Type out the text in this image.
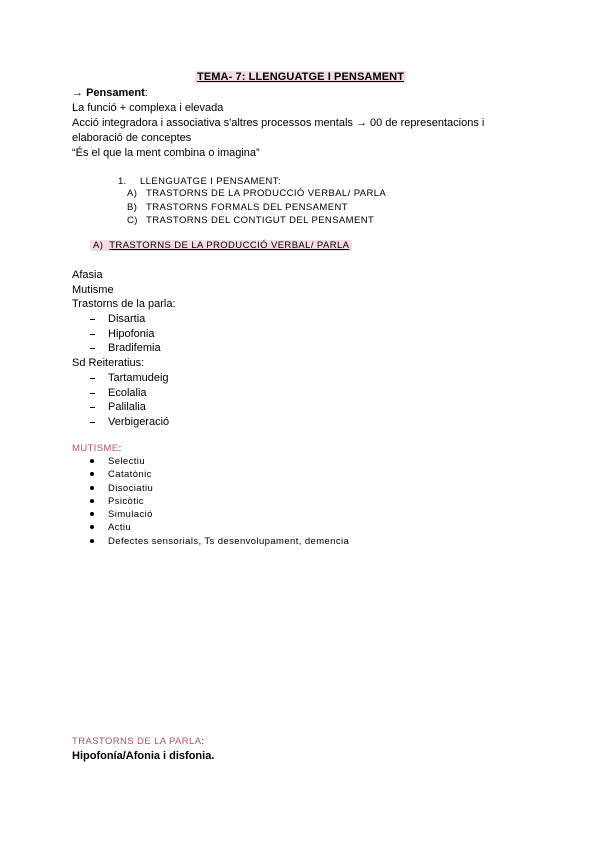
TEMA- 7: LLENGUATGE I PENSAMENT
→ Pensament:
La funció + complexa i elevada
Acció integradora i associativa s'altres processos mentals → 00 de representacions i
elaboració de conceptes
“És el que la ment combina o imagina”
1. LLENGUATGE I PENSAMENT:
A) TRASTORNS DE LA PRODUCCIÓ VERBAL/ PARLA
B) TRASTORNS FORMALS DEL PENSAMENT
C) TRASTORNS DEL CONTIGUT DEL PENSAMENT
A) TRASTORNS DE LA PRODUCCIÓ VERBAL/ PARLA
Afasia
Mutisme
Trastorns de la parla:
Disartia
Hipofonia
Bradifemia
Sd Reiteratius:
Tartamudeig
Ecolalia
Palilalia
Verbigeració
MUTISME:
Selectiu
Catatònic
Disociatiu
Psicòtic
Simulació
Actiu
Defectes sensorials, Ts desenvolupament, demencia
TRASTORNS DE LA PARLA:
Hipofonía/Afonia i disfonia.
